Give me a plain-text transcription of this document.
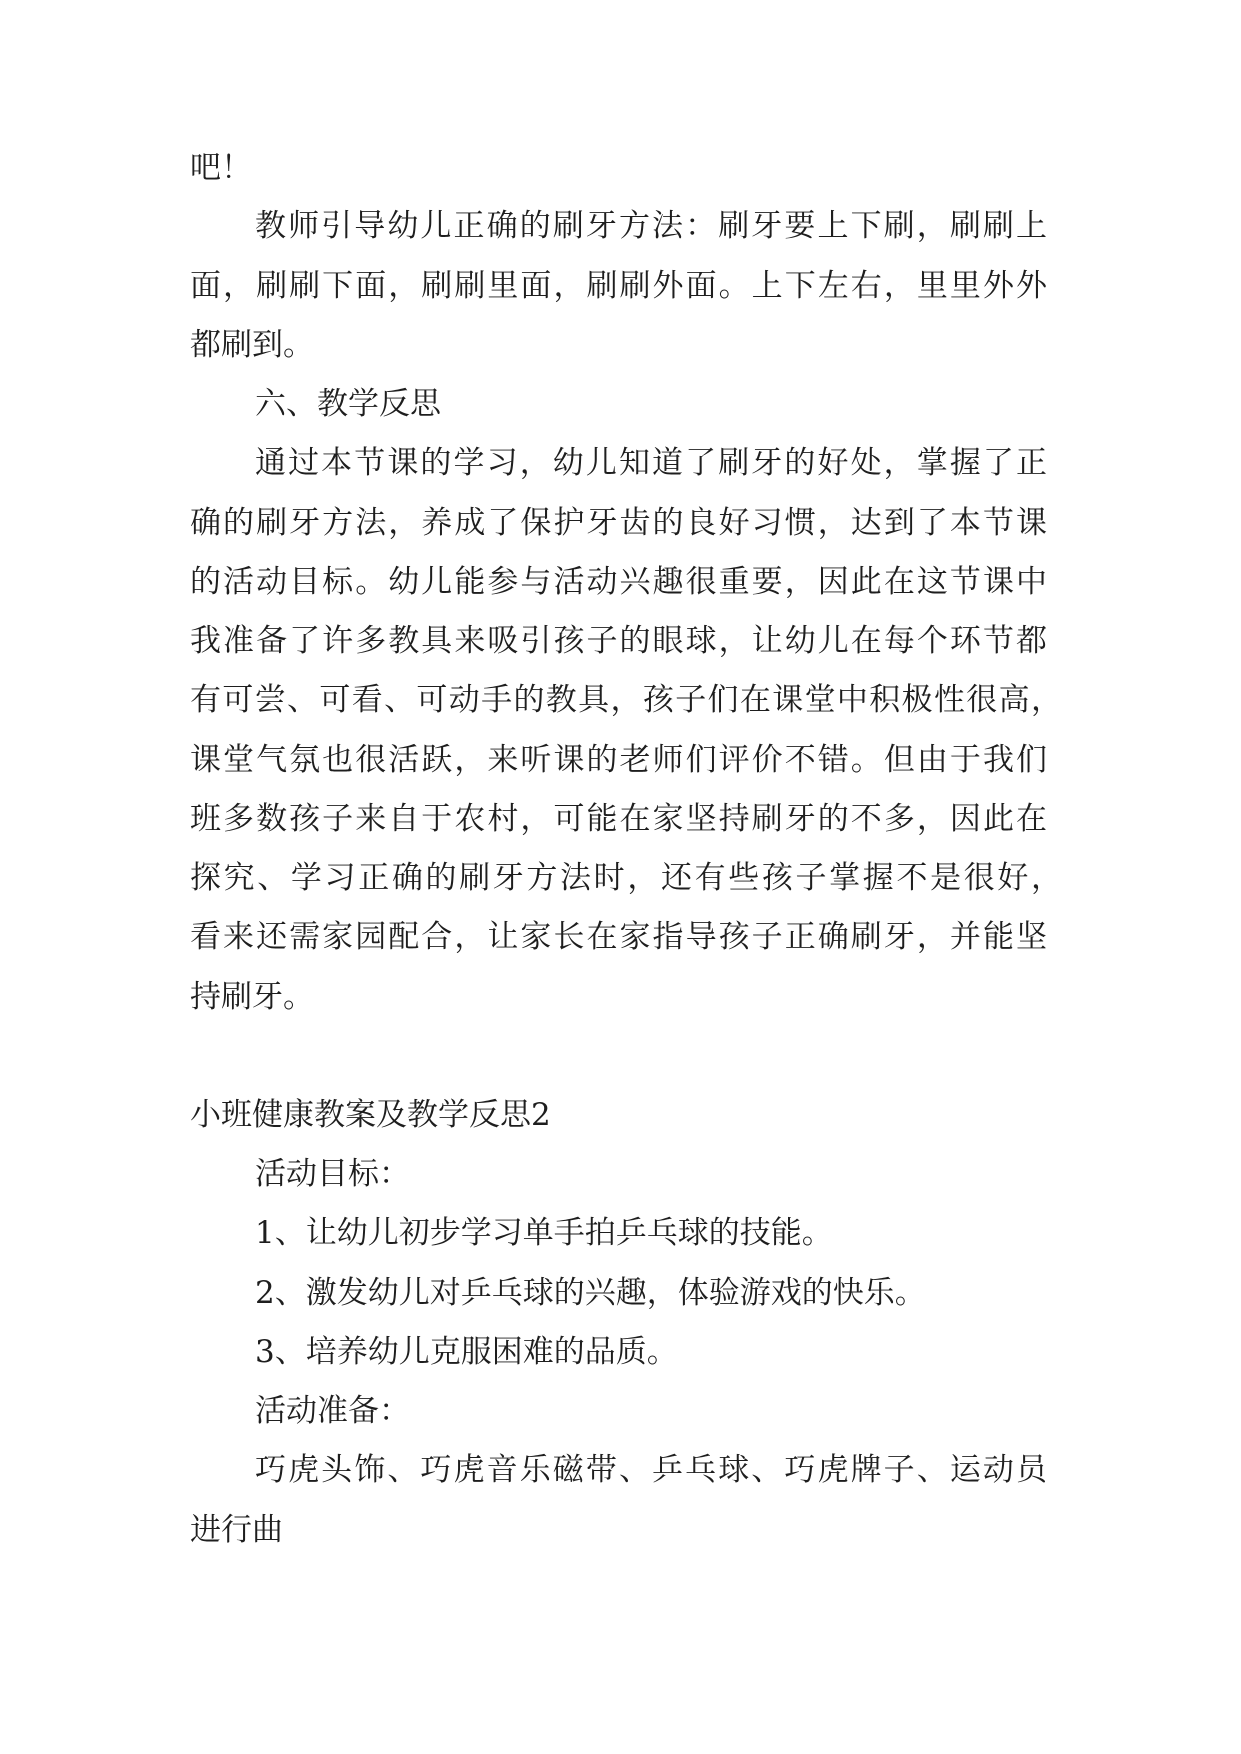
吧！
教师引导幼儿正确的刷牙方法：刷牙要上下刷，刷刷上
面，刷刷下面，刷刷里面，刷刷外面。上下左右，里里外外
都刷到。
六、教学反思
通过本节课的学习，幼儿知道了刷牙的好处，掌握了正
确的刷牙方法，养成了保护牙齿的良好习惯，达到了本节课
的活动目标。幼儿能参与活动兴趣很重要，因此在这节课中
我准备了许多教具来吸引孩子的眼球，让幼儿在每个环节都
有可尝、可看、可动手的教具，孩子们在课堂中积极性很高，
课堂气氛也很活跃，来听课的老师们评价不错。但由于我们
班多数孩子来自于农村，可能在家坚持刷牙的不多，因此在
探究、学习正确的刷牙方法时，还有些孩子掌握不是很好，
看来还需家园配合，让家长在家指导孩子正确刷牙，并能坚
持刷牙。
小班健康教案及教学反思2
活动目标：
1、让幼儿初步学习单手拍乒乓球的技能。
2、激发幼儿对乒乓球的兴趣，体验游戏的快乐。
3、培养幼儿克服困难的品质。
活动准备：
巧虎头饰、巧虎音乐磁带、乒乓球、巧虎牌子、运动员
进行曲
